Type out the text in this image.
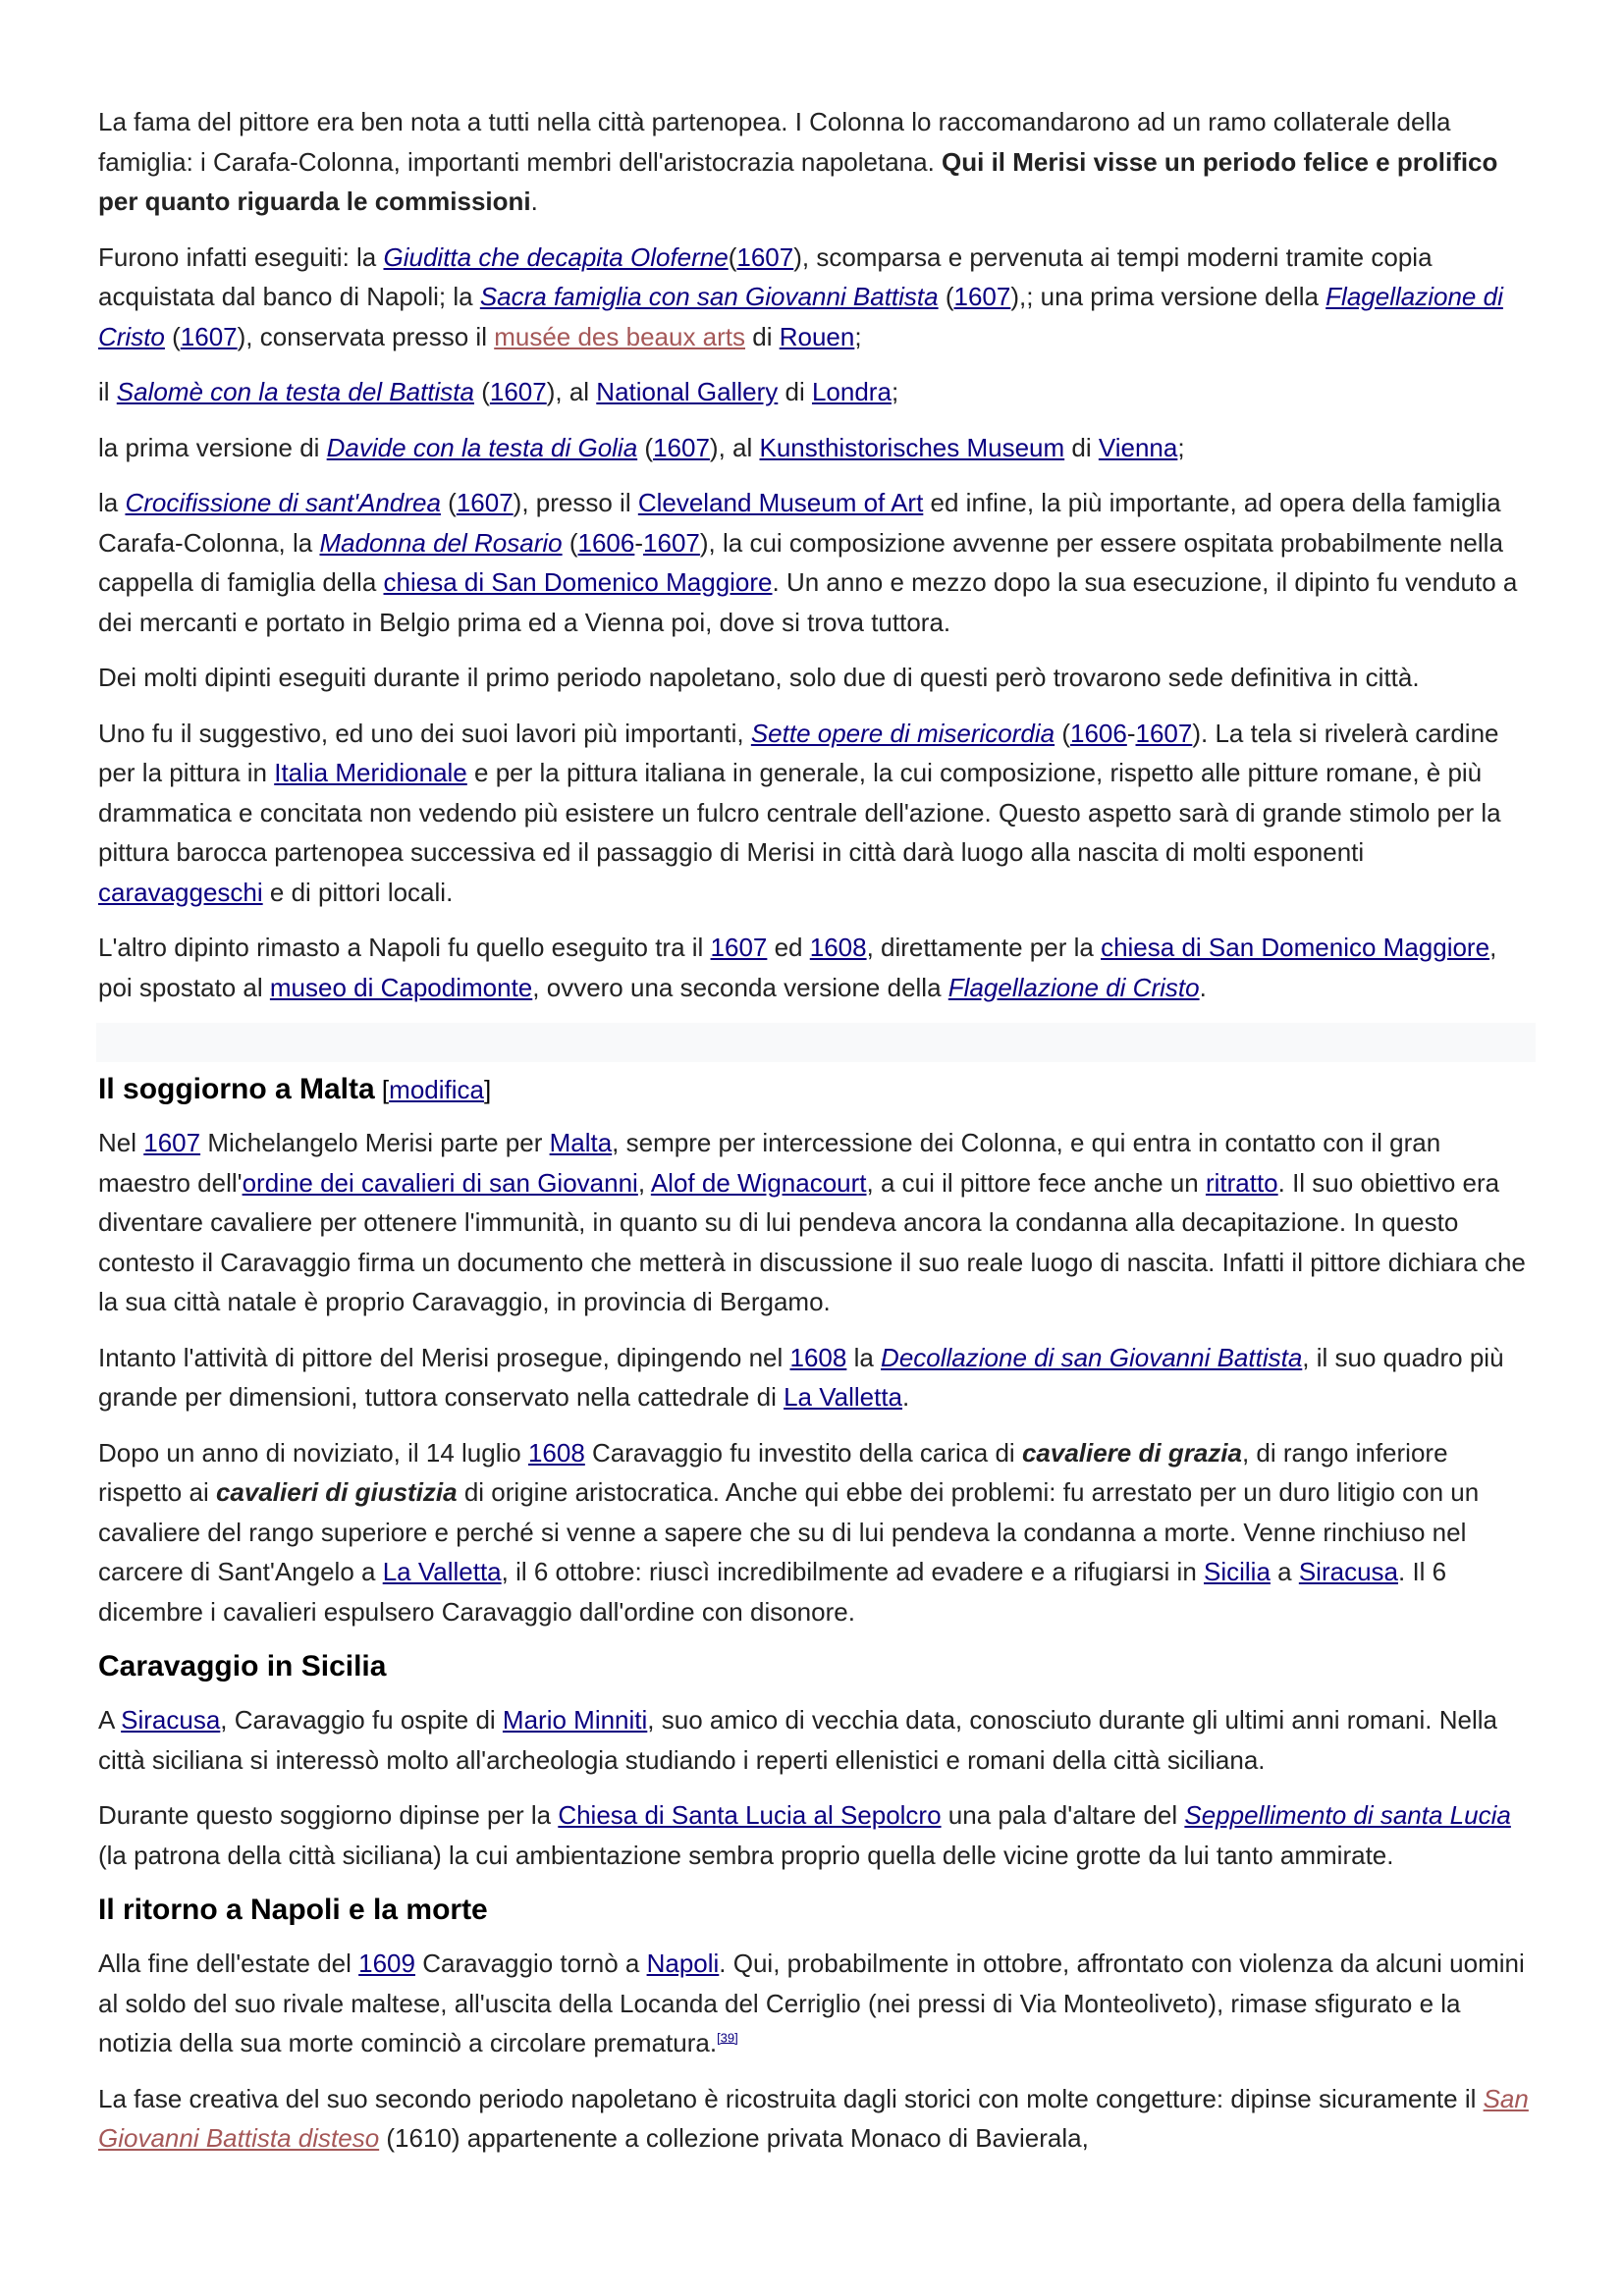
La fama del pittore era ben nota a tutti nella città partenopea. I Colonna lo raccomandarono ad un ramo collaterale della famiglia: i Carafa-Colonna, importanti membri dell'aristocrazia napoletana. Qui il Merisi visse un periodo felice e prolifico per quanto riguarda le commissioni.

Furono infatti eseguiti: la Giuditta che decapita Oloferne(1607), scomparsa e pervenuta ai tempi moderni tramite copia acquistata dal banco di Napoli; la Sacra famiglia con san Giovanni Battista (1607),; una prima versione della Flagellazione di Cristo (1607), conservata presso il musée des beaux arts di Rouen;

il Salomè con la testa del Battista (1607), al National Gallery di Londra;

la prima versione di Davide con la testa di Golia (1607), al Kunsthistorisches Museum di Vienna;

la Crocifissione di sant'Andrea (1607), presso il Cleveland Museum of Art ed infine, la più importante, ad opera della famiglia Carafa-Colonna, la Madonna del Rosario (1606-1607), la cui composizione avvenne per essere ospitata probabilmente nella cappella di famiglia della chiesa di San Domenico Maggiore. Un anno e mezzo dopo la sua esecuzione, il dipinto fu venduto a dei mercanti e portato in Belgio prima ed a Vienna poi, dove si trova tuttora.

Dei molti dipinti eseguiti durante il primo periodo napoletano, solo due di questi però trovarono sede definitiva in città.

Uno fu il suggestivo, ed uno dei suoi lavori più importanti, Sette opere di misericordia (1606-1607). La tela si rivelerà cardine per la pittura in Italia Meridionale e per la pittura italiana in generale, la cui composizione, rispetto alle pitture romane, è più drammatica e concitata non vedendo più esistere un fulcro centrale dell'azione. Questo aspetto sarà di grande stimolo per la pittura barocca partenopea successiva ed il passaggio di Merisi in città darà luogo alla nascita di molti esponenti caravaggeschi e di pittori locali.

L'altro dipinto rimasto a Napoli fu quello eseguito tra il 1607 ed 1608, direttamente per la chiesa di San Domenico Maggiore, poi spostato al museo di Capodimonte, ovvero una seconda versione della Flagellazione di Cristo.

Il soggiorno a Malta [modifica]

Nel 1607 Michelangelo Merisi parte per Malta, sempre per intercessione dei Colonna, e qui entra in contatto con il gran maestro dell'ordine dei cavalieri di san Giovanni, Alof de Wignacourt, a cui il pittore fece anche un ritratto. Il suo obiettivo era diventare cavaliere per ottenere l'immunità, in quanto su di lui pendeva ancora la condanna alla decapitazione. In questo contesto il Caravaggio firma un documento che metterà in discussione il suo reale luogo di nascita. Infatti il pittore dichiara che la sua città natale è proprio Caravaggio, in provincia di Bergamo.

Intanto l'attività di pittore del Merisi prosegue, dipingendo nel 1608 la Decollazione di san Giovanni Battista, il suo quadro più grande per dimensioni, tuttora conservato nella cattedrale di La Valletta.

Dopo un anno di noviziato, il 14 luglio 1608 Caravaggio fu investito della carica di cavaliere di grazia, di rango inferiore rispetto ai cavalieri di giustizia di origine aristocratica. Anche qui ebbe dei problemi: fu arrestato per un duro litigio con un cavaliere del rango superiore e perché si venne a sapere che su di lui pendeva la condanna a morte. Venne rinchiuso nel carcere di Sant'Angelo a La Valletta, il 6 ottobre: riuscì incredibilmente ad evadere e a rifugiarsi in Sicilia a Siracusa. Il 6 dicembre i cavalieri espulsero Caravaggio dall'ordine con disonore.

Caravaggio in Sicilia

A Siracusa, Caravaggio fu ospite di Mario Minniti, suo amico di vecchia data, conosciuto durante gli ultimi anni romani. Nella città siciliana si interessò molto all'archeologia studiando i reperti ellenistici e romani della città siciliana.

Durante questo soggiorno dipinse per la Chiesa di Santa Lucia al Sepolcro una pala d'altare del Seppellimento di santa Lucia (la patrona della città siciliana) la cui ambientazione sembra proprio quella delle vicine grotte da lui tanto ammirate.

Il ritorno a Napoli e la morte

Alla fine dell'estate del 1609 Caravaggio tornò a Napoli. Qui, probabilmente in ottobre, affrontato con violenza da alcuni uomini al soldo del suo rivale maltese, all'uscita della Locanda del Cerriglio (nei pressi di Via Monteoliveto), rimase sfigurato e la notizia della sua morte cominciò a circolare prematura.[39]

La fase creativa del suo secondo periodo napoletano è ricostruita dagli storici con molte congetture: dipinse sicuramente il San Giovanni Battista disteso (1610) appartenente a collezione privata Monaco di Bavierala,
